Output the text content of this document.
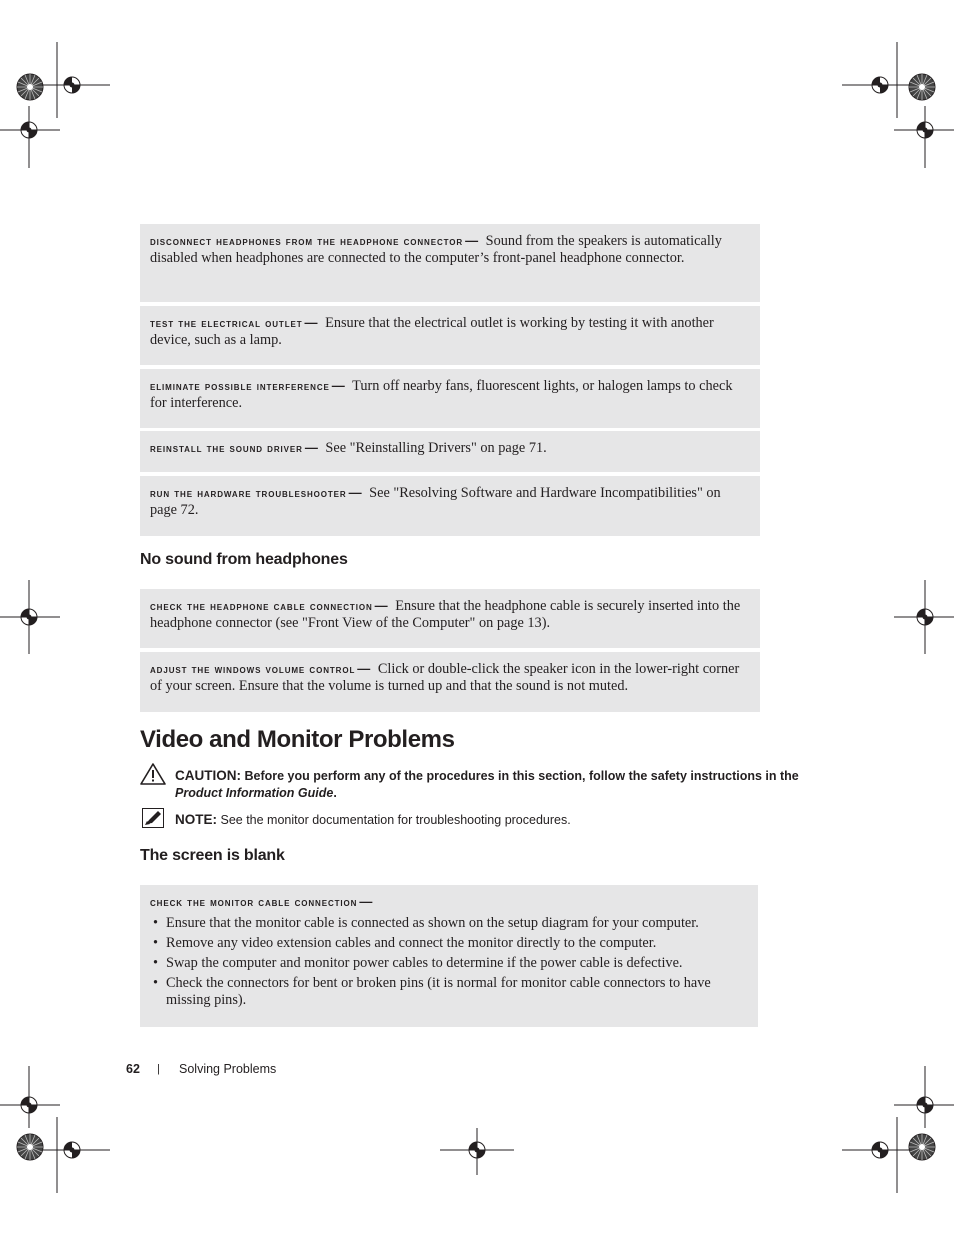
disconnect headphones from the headphone connector — Sound from the speakers is automatically disabled when headphones are connected to the computer’s front-panel headphone connector.
test the electrical outlet — Ensure that the electrical outlet is working by testing it with another device, such as a lamp.
eliminate possible interference — Turn off nearby fans, fluorescent lights, or halogen lamps to check for interference.
reinstall the sound driver — See "Reinstalling Drivers" on page 71.
run the hardware troubleshooter — See "Resolving Software and Hardware Incompatibilities" on page 72.
No sound from headphones
check the headphone cable connection — Ensure that the headphone cable is securely inserted into the headphone connector (see "Front View of the Computer" on page 13).
adjust the windows volume control — Click or double-click the speaker icon in the lower-right corner of your screen. Ensure that the volume is turned up and that the sound is not muted.
Video and Monitor Problems
CAUTION: Before you perform any of the procedures in this section, follow the safety instructions in the Product Information Guide.
NOTE: See the monitor documentation for troubleshooting procedures.
The screen is blank
check the monitor cable connection —
• Ensure that the monitor cable is connected as shown on the setup diagram for your computer.
• Remove any video extension cables and connect the monitor directly to the computer.
• Swap the computer and monitor power cables to determine if the power cable is defective.
• Check the connectors for bent or broken pins (it is normal for monitor cable connectors to have missing pins).
62 | Solving Problems
